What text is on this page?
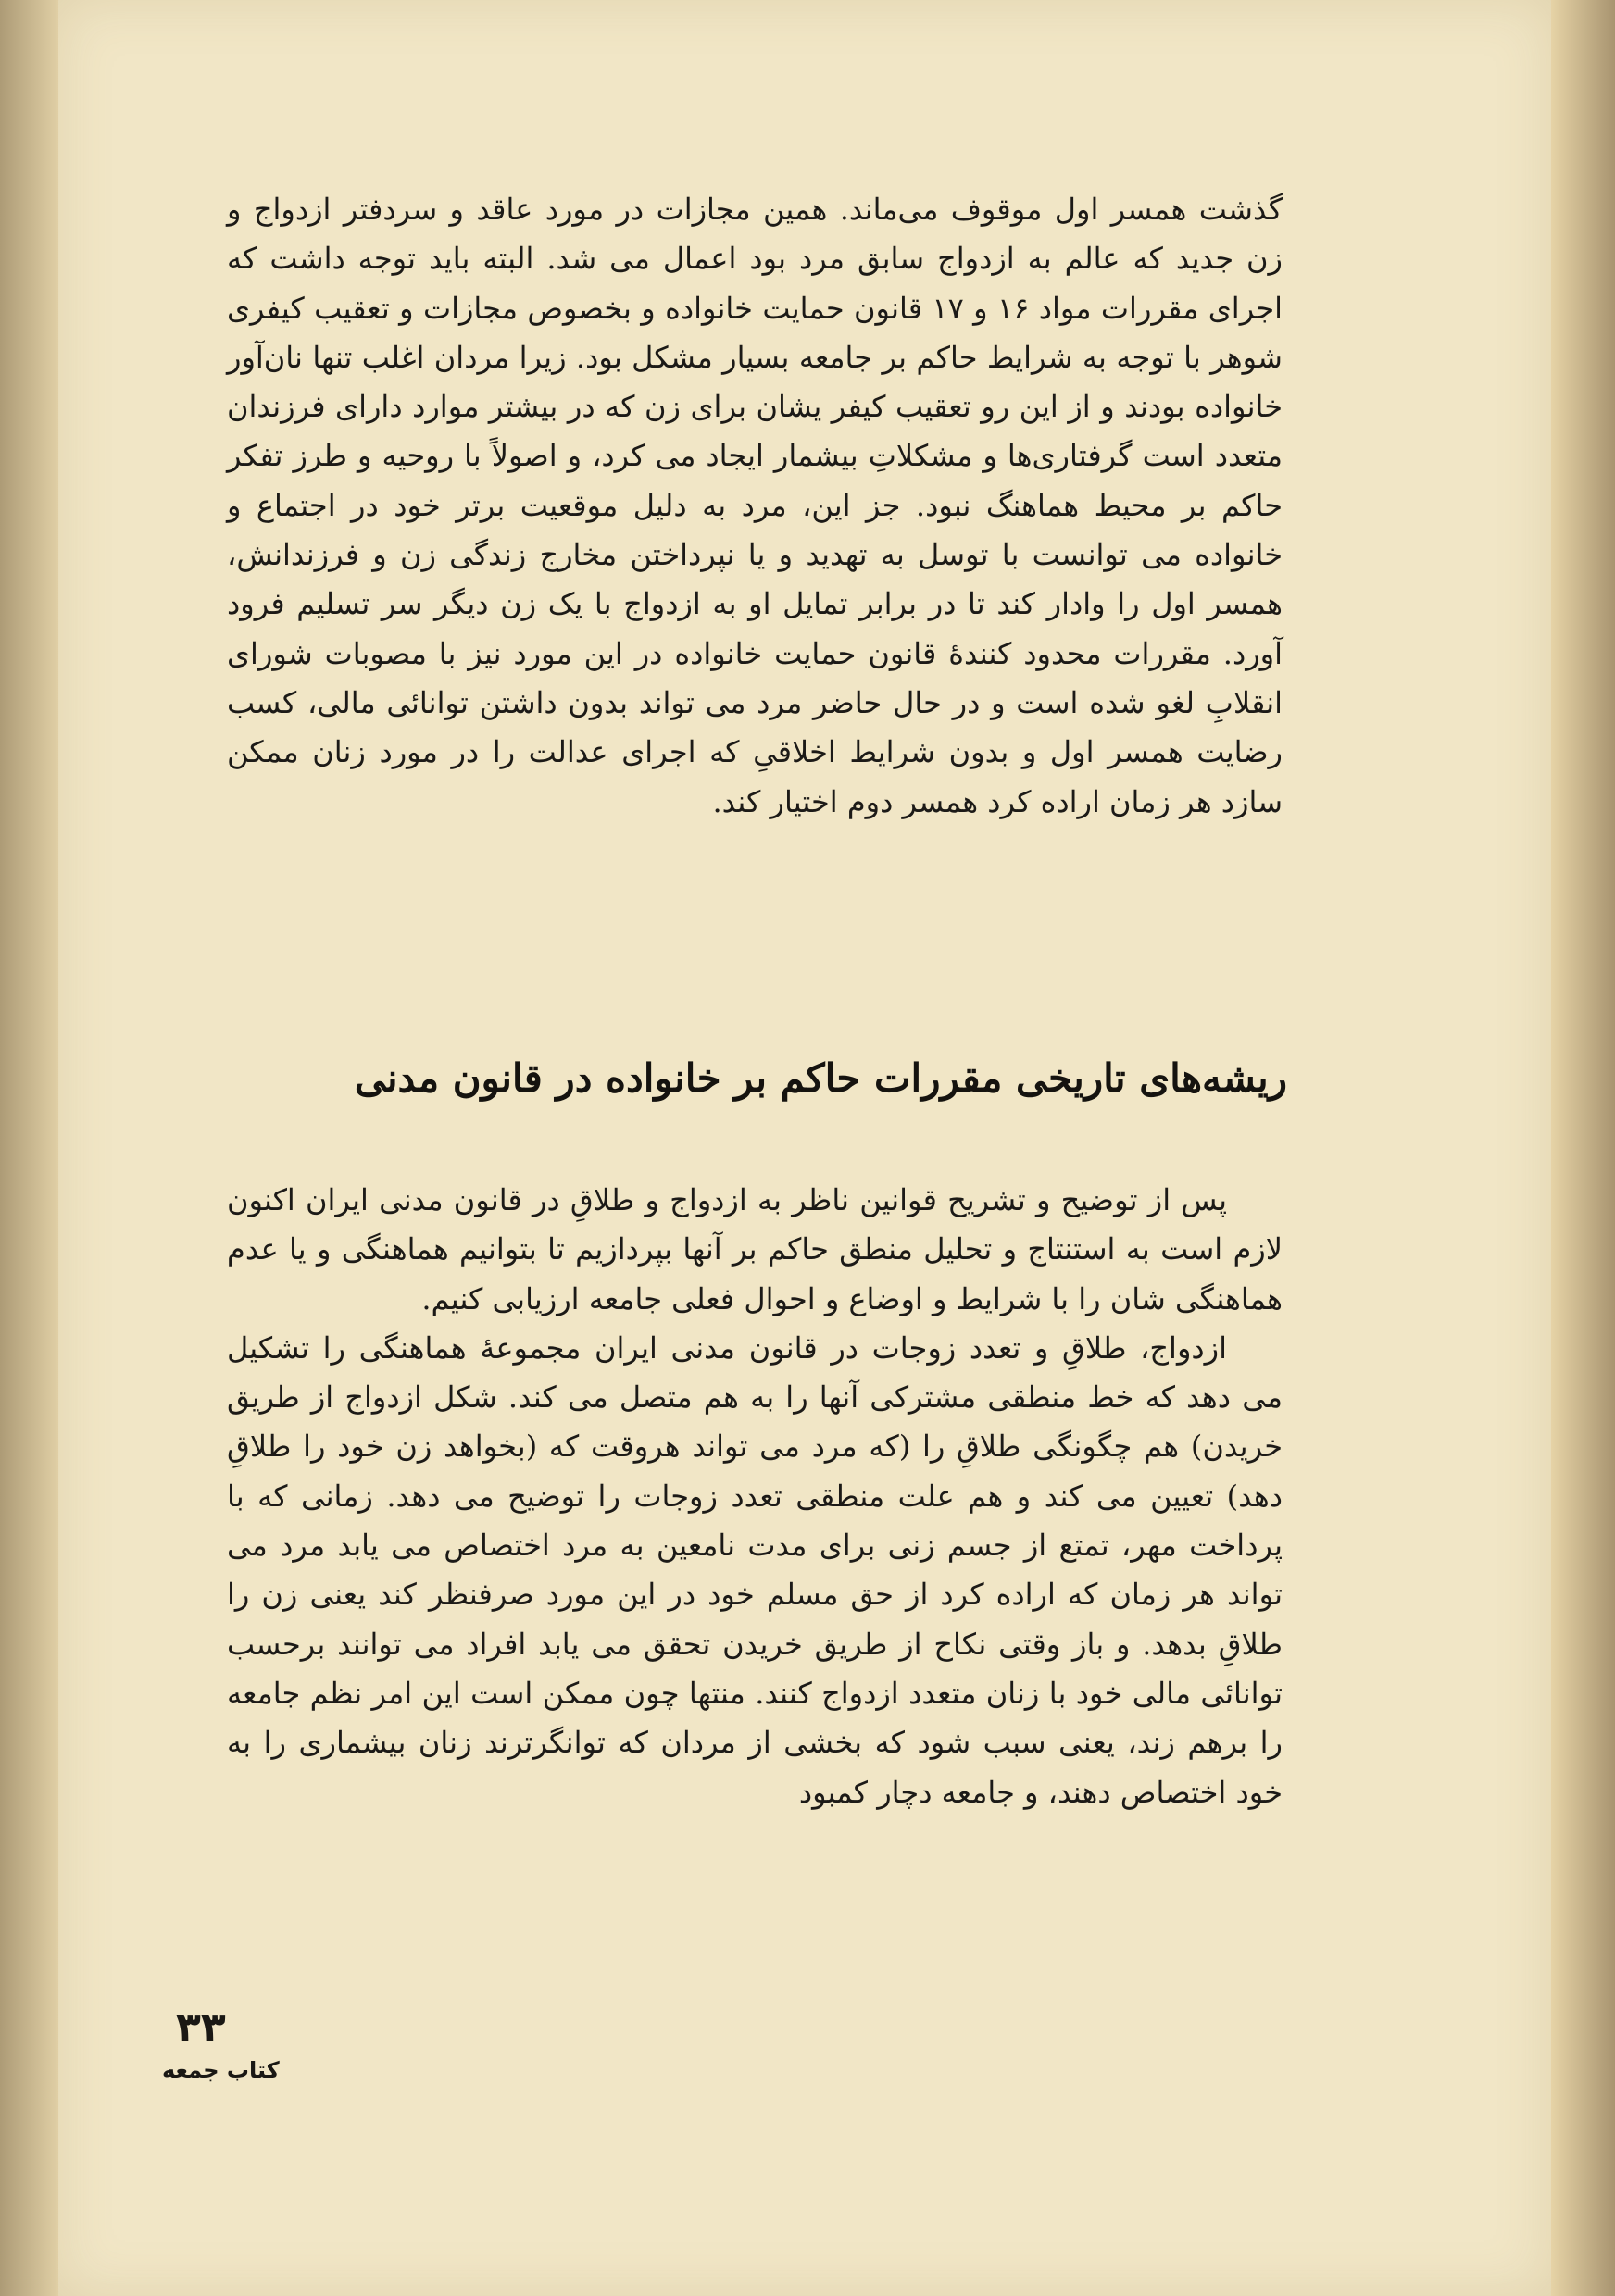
گذشت همسر اول موقوف می‌ماند. همین مجازات در مورد عاقد و سردفتر ازدواج و زن جدید که عالم به ازدواج سابق مرد بود اعمال می شد. البته باید توجه داشت که اجرای مقررات مواد ۱۶ و ۱۷ قانون حمایت خانواده و بخصوص مجازات و تعقیب کیفری شوهر با توجه به شرایط حاکم بر جامعه بسیار مشکل بود. زیرا مردان اغلب تنها نان‌آور خانواده بودند و از این رو تعقیب کیفر یشان برای زن که در بیشتر موارد دارای فرزندان متعدد است گرفتاری‌ها و مشکلاتِ بیشمار ایجاد می کرد، و اصولاً با روحیه و طرز تفکر حاکم بر محیط هماهنگ نبود. جز این، مرد به دلیل موقعیت برتر خود در اجتماع و خانواده می توانست با توسل به تهدید و یا نپرداختن مخارج زندگی زن و فرزندانش، همسر اول را وادار کند تا در برابر تمایل او به ازدواج با یک زن دیگر سر تسلیم فرود آورد. مقررات محدود کنندهٔ قانون حمایت خانواده در این مورد نیز با مصوبات شورای انقلابِ لغو شده است و در حال حاضر مرد می تواند بدون داشتن توانائی مالی، کسب رضایت همسر اول و بدون شرایط اخلاقیِ که اجرای عدالت را در مورد زنان ممکن سازد هر زمان اراده کرد همسر دوم اختیار کند.

ریشه‌های تاریخی مقررات حاکم بر خانواده در قانون مدنی

پس از توضیح و تشریح قوانین ناظر به ازدواج و طلاقِ در قانون مدنی ایران اکنون لازم است به استنتاج و تحلیل منطق حاکم بر آنها بپردازیم تا بتوانیم هماهنگی و یا عدم هماهنگی شان را با شرایط و اوضاع و احوال فعلی جامعه ارزیابی کنیم.

ازدواج، طلاقِ و تعدد زوجات در قانون مدنی ایران مجموعهٔ هماهنگی را تشکیل می دهد که خط منطقی مشترکی آنها را به هم متصل می کند. شکل ازدواج از طریق خریدن) هم چگونگی طلاقِ را (که مرد می تواند هروقت که (بخواهد زن خود را طلاقِ دهد) تعیین می کند و هم علت منطقی تعدد زوجات را توضیح می دهد. زمانی که با پرداخت مهر، تمتع از جسم زنی برای مدت نامعین به مرد اختصاص می یابد مرد می تواند هر زمان که اراده کرد از حق مسلم خود در این مورد صرفنظر کند یعنی زن را طلاقِ بدهد. و باز وقتی نکاح از طریق خریدن تحقق می یابد افراد می توانند برحسب توانائی مالی خود با زنان متعدد ازدواج کنند. منتها چون ممکن است این امر نظم جامعه را برهم زند، یعنی سبب شود که بخشی از مردان که توانگرترند زنان بیشماری را به خود اختصاص دهند، و جامعه دچار کمبود

۳۳
کتاب جمعه
